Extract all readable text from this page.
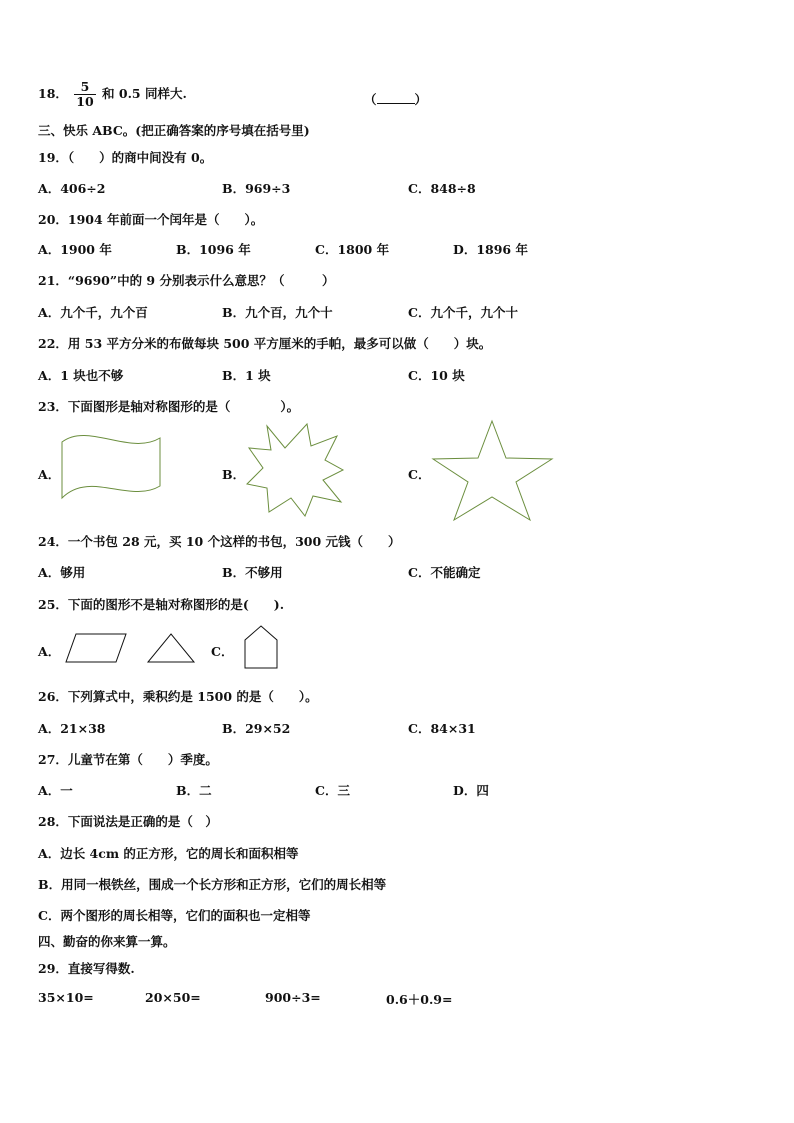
18． $\frac{5}{10}$ 和 0.5 同样大.	（	）
三、快乐 ABC。(把正确答案的序号填在括号里)
19．（　　）的商中间没有 0。
A．406÷2	B．969÷3	C．848÷8
20．1904 年前面一个闰年是（　　）。
A．1900 年	B．1096 年	C．1800 年	D．1896 年
21．“9690”中的 9 分别表示什么意思？（　　　）
A．九个千，九个百	B．九个百，九个十	C．九个千，九个十
22．用 53 平方分米的布做每块 500 平方厘米的手帕，最多可以做（　　）块。
A．1 块也不够	B．1 块	C．10 块
23．下面图形是轴对称图形的是（　　　　）。
A．	B．	C．
24．一个书包 28 元，买 10 个这样的书包，300 元钱（　　）
A．够用	B．不够用	C．不能确定
25．下面的图形不是轴对称图形的是(　　).
A．	C．
26．下列算式中，乘积约是 1500 的是（　　）。
A．21×38	B．29×52	C．84×31
27．儿童节在第（　　）季度。
A．一	B．二	C．三	D．四
28．下面说法是正确的是（　）
A．边长 4cm 的正方形，它的周长和面积相等
B．用同一根铁丝，围成一个长方形和正方形，它们的周长相等
C．两个图形的周长相等，它们的面积也一定相等
四、勤奋的你来算一算。
29．直接写得数.
35×10=	20×50=	900÷3=	0.6＋0.9=
